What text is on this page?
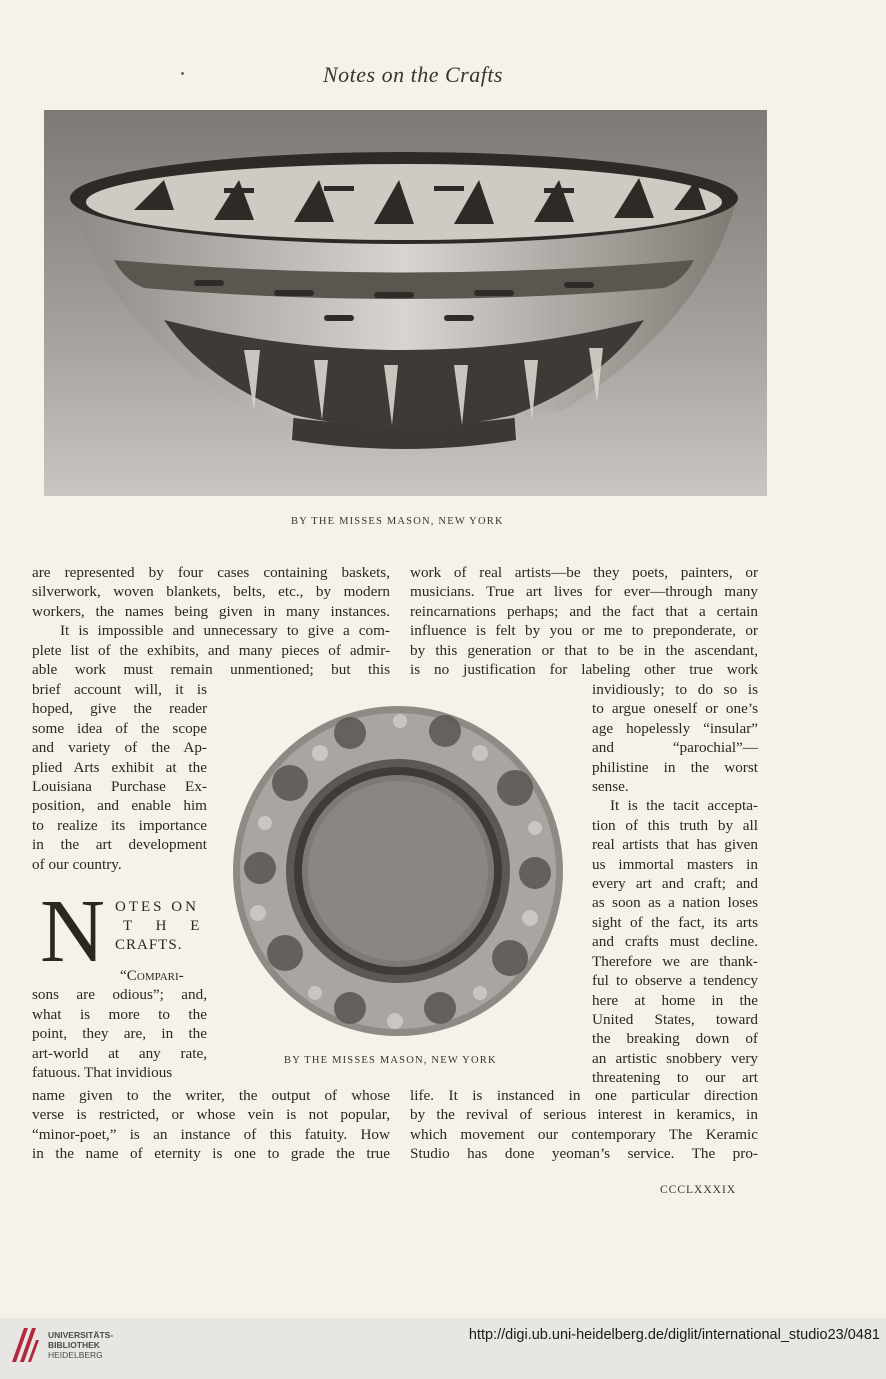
Notes on the Crafts
BY THE MISSES MASON, NEW YORK
are represented by four cases containing baskets,
silverwork, woven blankets, belts, etc., by modern
workers, the names being given in many instances.
It is impossible and unnecessary to give a com-
plete list of the exhibits, and many pieces of admir-
able work must remain unmentioned; but this
brief account will, it is
hoped, give the reader
some idea of the scope
and variety of the Ap-
plied Arts exhibit at the
Louisiana Purchase Ex-
position, and enable him
to realize its importance
in the art development
of our country.
N OTES ON
T H E
CRAFTS.
“Compari-
sons are odious”; and,
what is more to the
point, they are, in the
art-world at any rate,
fatuous. That invidious
name given to the writer, the output of whose
verse is restricted, or whose vein is not popular,
“minor-poet,” is an instance of this fatuity. How
in the name of eternity is one to grade the true
work of real artists—be they poets, painters, or
musicians. True art lives for ever—through many
reincarnations perhaps; and the fact that a certain
influence is felt by you or me to preponderate, or
by this generation or that to be in the ascendant,
is no justification for labeling other true work
invidiously; to do so is
to argue oneself or one’s
age hopelessly “insular”
and “parochial”—
philistine in the worst
sense.
It is the tacit accepta-
tion of this truth by all
real artists that has given
us immortal masters in
every art and craft; and
as soon as a nation loses
sight of the fact, its arts
and crafts must decline.
Therefore we are thank-
ful to observe a tendency
here at home in the
United States, toward
the breaking down of
an artistic snobbery very
threatening to our art
life. It is instanced in one particular direction
by the revival of serious interest in keramics, in
which movement our contemporary The Keramic
Studio has done yeoman’s service. The pro-
BY THE MISSES MASON, NEW YORK
CCCLXXXIX
UNIVERSITÄTS-
BIBLIOTHEK
HEIDELBERG
http://digi.ub.uni-heidelberg.de/diglit/international_studio23/0481
